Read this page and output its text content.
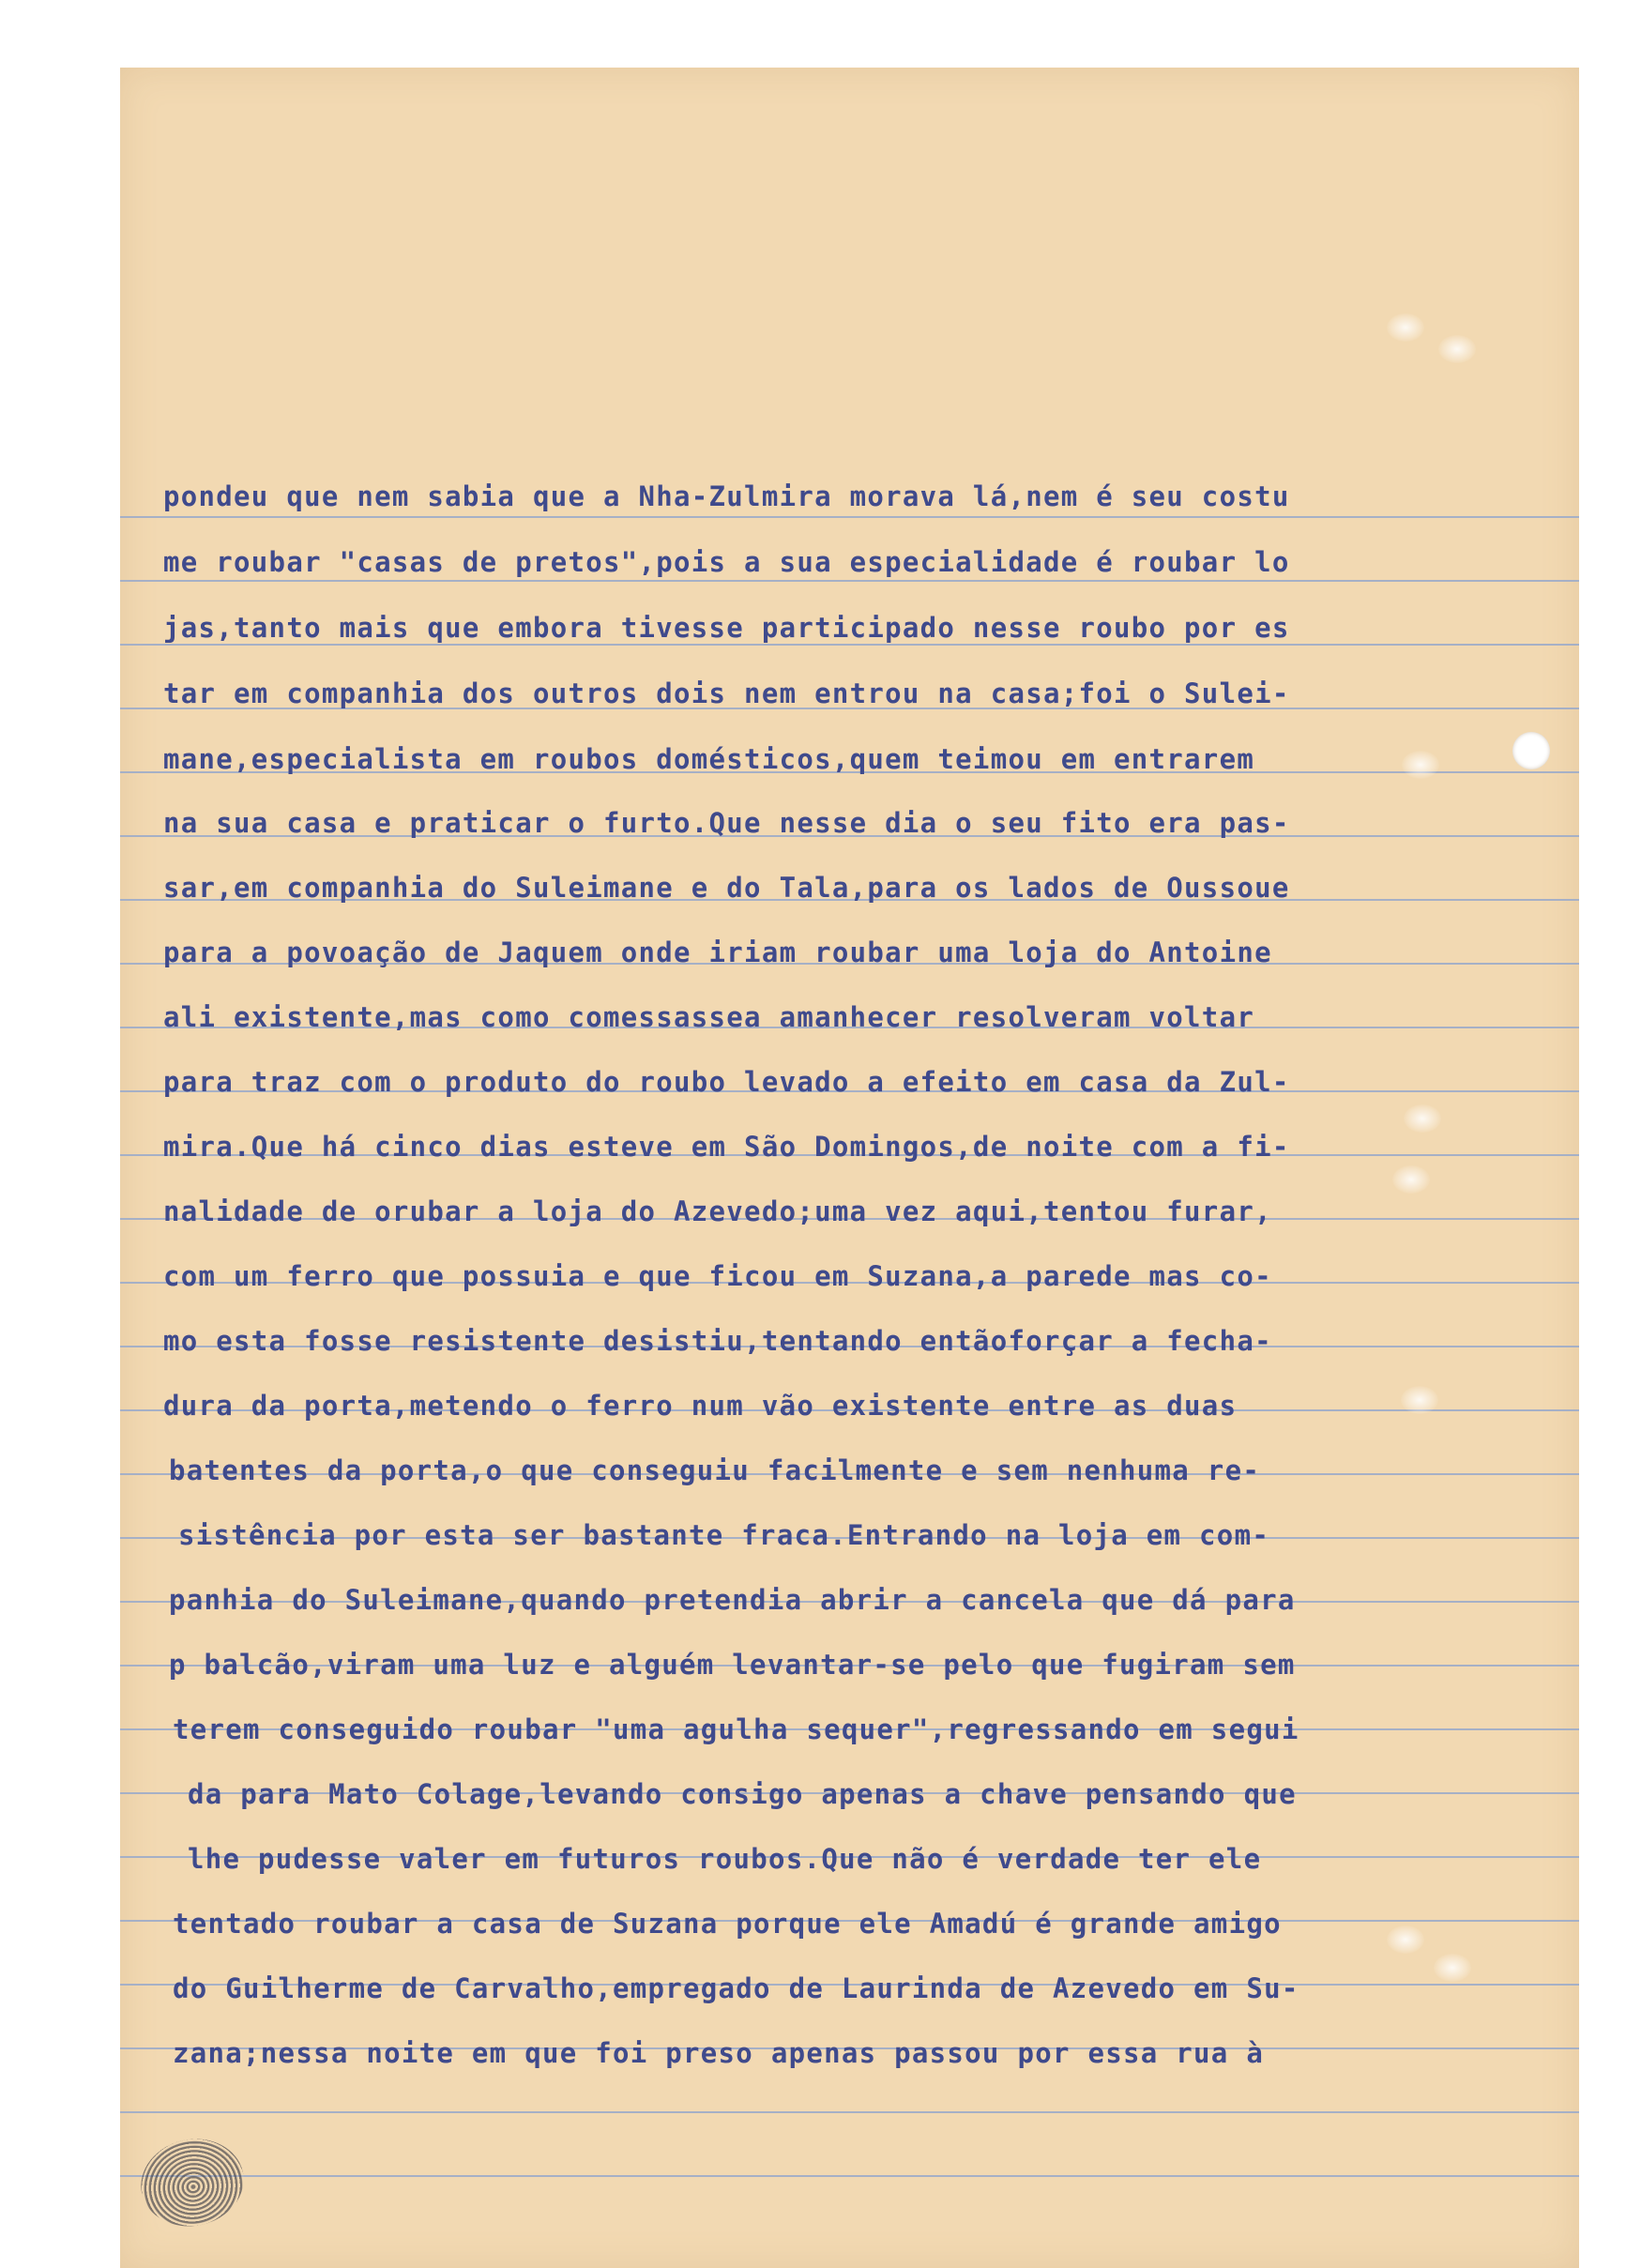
pondeu que nem sabia que a Nha-Zulmira morava lá,nem é seu costu
me roubar "casas de pretos",pois a sua especialidade é roubar lo
jas,tanto mais que embora tivesse participado nesse roubo por es
tar em companhia dos outros dois nem entrou na casa;foi o Sulei-
mane,especialista em roubos domésticos,quem teimou em entrarem
na sua casa e praticar o furto.Que nesse dia o seu fito era pas-
sar,em companhia do Suleimane e do Tala,para os lados de Oussoue
para a povoação de Jaquem onde iriam roubar uma loja do Antoine
ali existente,mas como comessassea amanhecer resolveram voltar
para traz com o produto do roubo levado a efeito em casa da Zul-
mira.Que há cinco dias esteve em São Domingos,de noite com a fi-
nalidade de orubar a loja do Azevedo;uma vez aqui,tentou furar,
com um ferro que possuia e que ficou em Suzana,a parede mas co-
mo esta fosse resistente desistiu,tentando entãoforçar a fecha-
dura da porta,metendo o ferro num vão existente entre as duas
batentes da porta,o que conseguiu facilmente e sem nenhuma re-
sistência por esta ser bastante fraca.Entrando na loja em com-
panhia do Suleimane,quando pretendia abrir a cancela que dá para
p balcão,viram uma luz e alguém levantar-se pelo que fugiram sem
terem conseguido roubar "uma agulha sequer",regressando em segui
da para Mato Colage,levando consigo apenas a chave pensando que
lhe pudesse valer em futuros roubos.Que não é verdade ter ele
tentado roubar a casa de Suzana porque ele Amadú é grande amigo
do Guilherme de Carvalho,empregado de Laurinda de Azevedo em Su-
zana;nessa noite em que foi preso apenas passou por essa rua à
